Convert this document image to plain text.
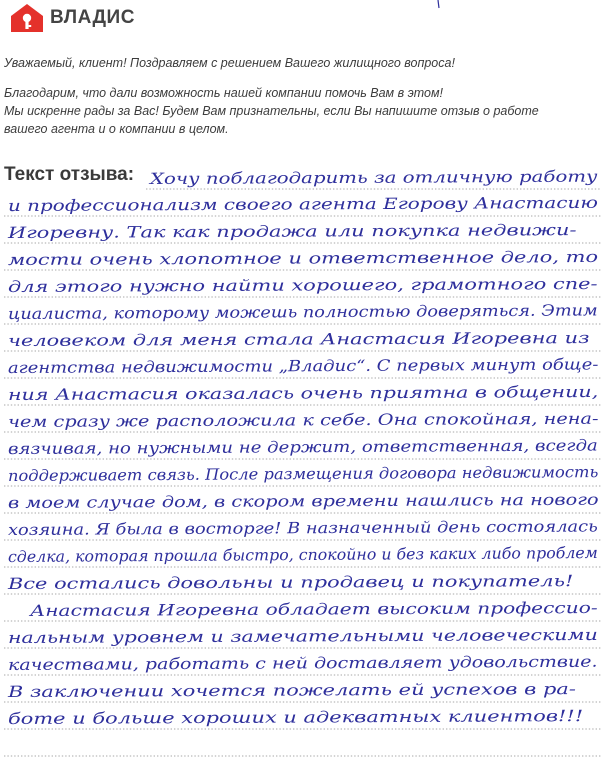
ВЛАДИС
Уважаемый, клиент! Поздравляем с решением Вашего жилищного вопроса!
Благодарим, что дали возможность нашей компании помочь Вам в этом!
Мы искренне рады за Вас! Будем Вам признательны, если Вы напишите отзыв о работе
вашего агента и о компании в целом.
Текст отзыва: Хочу поблагодарить за отличную работу
и профессионализм своего агента Егорову Анастасию
Игоревну. Так как продажа или покупка недвижи-
мости очень хлопотное и ответственное дело, то
для этого нужно найти хорошего, грамотного спе-
циалиста, которому можешь полностью доверяться. Этим
человеком для меня стала Анастасия Игоревна из
агентства недвижимости „Владис“. С первых минут обще-
ния Анастасия оказалась очень приятна в общении,
чем сразу же расположила к себе. Она спокойная, нена-
вязчивая, но нужными не держит, ответственная, всегда
поддерживает связь. После размещения договора недвижимость
в моем случае дом, в скором времени нашлись на нового
хозяина. Я была в восторге! В назначенный день состоялась
сделка, которая прошла быстро, спокойно и без каких либо проблем
Все остались довольны и продавец и покупатель!
Анастасия Игоревна обладает высоким профессио-
нальным уровнем и замечательными человеческими
качествами, работать с ней доставляет удовольствие.
В заключении хочется пожелать ей успехов в ра-
боте и больше хороших и адекватных клиентов!!!
